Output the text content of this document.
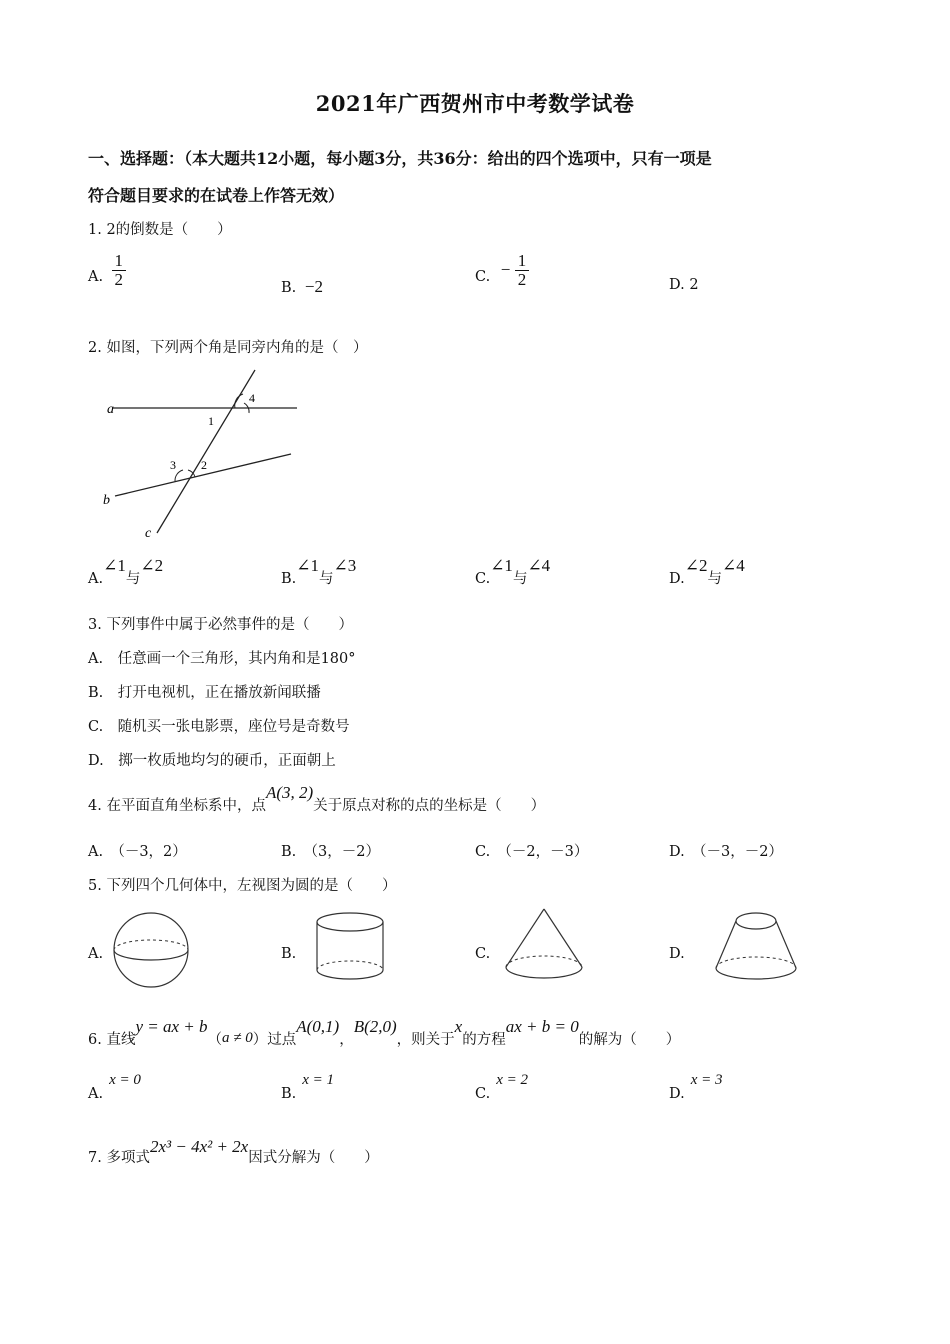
2021年广西贺州市中考数学试卷
一、选择题：（本大题共12小题，每小题3分，共36分：给出的四个选项中，只有一项是
符合题目要求的在试卷上作答无效）
1. 2的倒数是（　　）
A. $\frac{1}{2}$	B. −2
C. − $\frac{1}{2}$	D. 2
2. 如图，下列两个角是同旁内角的是（　）
a
b
c
1
2
3
4
A.∠1与∠2
B.∠1与∠3
C.∠1与∠4
D.∠2与∠4
3. 下列事件中属于必然事件的是（　　）
A.　任意画一个三角形，其内角和是180°
B.　打开电视机，正在播放新闻联播
C.　随机买一张电影票，座位号是奇数号
D.　掷一枚质地均匀的硬币，正面朝上
4. 在平面直角坐标系中，点A(3, 2)关于原点对称的点的坐标是（　　）
A.　（－3，2）	B.　（3，－2）	C.　（－2，－3）	D.　（－3，－2）
5. 下列四个几何体中，左视图为圆的是（　　）
A.	B.	C.	D.
6. 直线y = ax + b（a ≠ 0）过点A(0,1)，B(2,0)，则关于x的方程ax + b = 0的解为（　　）
A.x = 0
B.x = 1
C.x = 2
D.x = 3
7. 多项式2x³ − 4x² + 2x因式分解为（　　）
